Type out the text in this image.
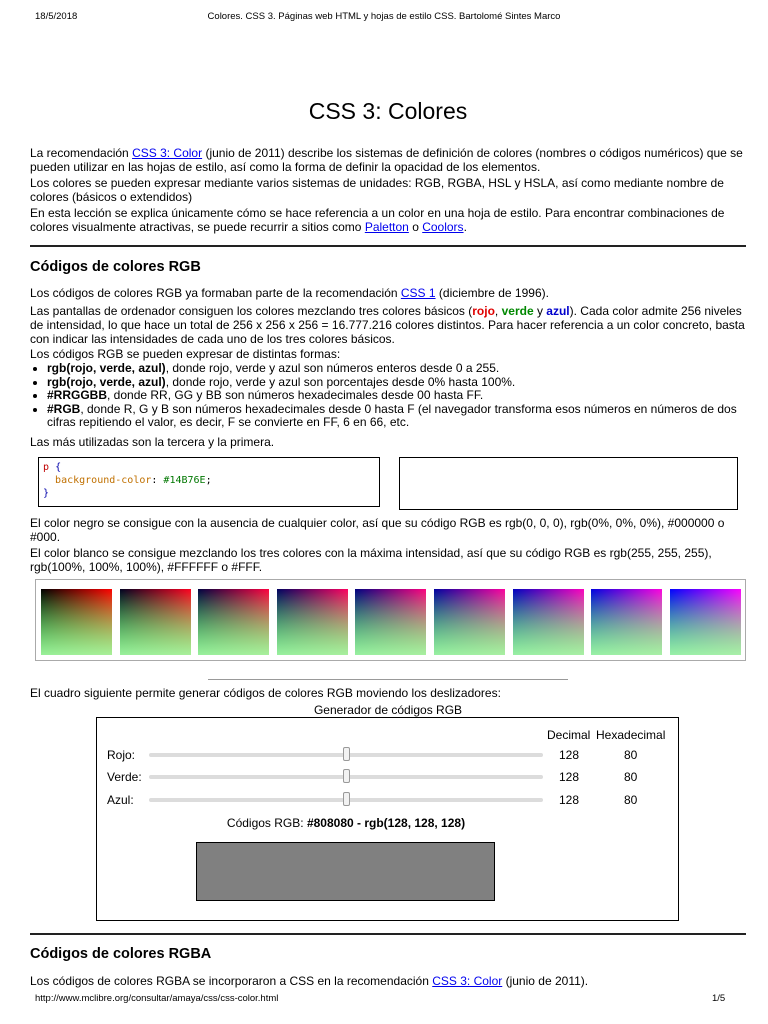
18/5/2018	Colores. CSS 3. Páginas web HTML y hojas de estilo CSS. Bartolomé Sintes Marco
CSS 3: Colores

La recomendación CSS 3: Color (junio de 2011) describe los sistemas de definición de colores (nombres o códigos numéricos) que se pueden utilizar en las hojas de estilo, así como la forma de definir la opacidad de los elementos.

Los colores se pueden expresar mediante varios sistemas de unidades: RGB, RGBA, HSL y HSLA, así como mediante nombre de colores (básicos o extendidos)

En esta lección se explica únicamente cómo se hace referencia a un color en una hoja de estilo. Para encontrar combinaciones de colores visualmente atractivas, se puede recurrir a sitios como Paletton o Coolors.

Códigos de colores RGB

Los códigos de colores RGB ya formaban parte de la recomendación CSS 1 (diciembre de 1996).

Las pantallas de ordenador consiguen los colores mezclando tres colores básicos (rojo, verde y azul). Cada color admite 256 niveles de intensidad, lo que hace un total de 256 x 256 x 256 = 16.777.216 colores distintos. Para hacer referencia a un color concreto, basta con indicar las intensidades de cada uno de los tres colores básicos.

Los códigos RGB se pueden expresar de distintas formas:

• rgb(rojo, verde, azul), donde rojo, verde y azul son números enteros desde 0 a 255.
• rgb(rojo, verde, azul), donde rojo, verde y azul son porcentajes desde 0% hasta 100%.
• #RRGGBB, donde RR, GG y BB son números hexadecimales desde 00 hasta FF.
• #RGB, donde R, G y B son números hexadecimales desde 0 hasta F (el navegador transforma esos números en números de dos cifras repitiendo el valor, es decir, F se convierte en FF, 6 en 66, etc.

Las más utilizadas son la tercera y la primera.

p {
background-color: #14B76E;
}

El color negro se consigue con la ausencia de cualquier color, así que su código RGB es rgb(0, 0, 0), rgb(0%, 0%, 0%), #000000 o #000.

El color blanco se consigue mezclando los tres colores con la máxima intensidad, así que su código RGB es rgb(255, 255, 255), rgb(100%, 100%, 100%), #FFFFFF o #FFF.

El cuadro siguiente permite generar códigos de colores RGB moviendo los deslizadores:

Generador de códigos RGB
Decimal Hexadecimal
Rojo:	128	80
Verde:	128	80
Azul:	128	80
Códigos RGB: #808080 - rgb(128, 128, 128)
Códigos de colores RGBA

Los códigos de colores RGBA se incorporaron a CSS en la recomendación CSS 3: Color (junio de 2011).

http://www.mclibre.org/consultar/amaya/css/css-color.html	1/5
